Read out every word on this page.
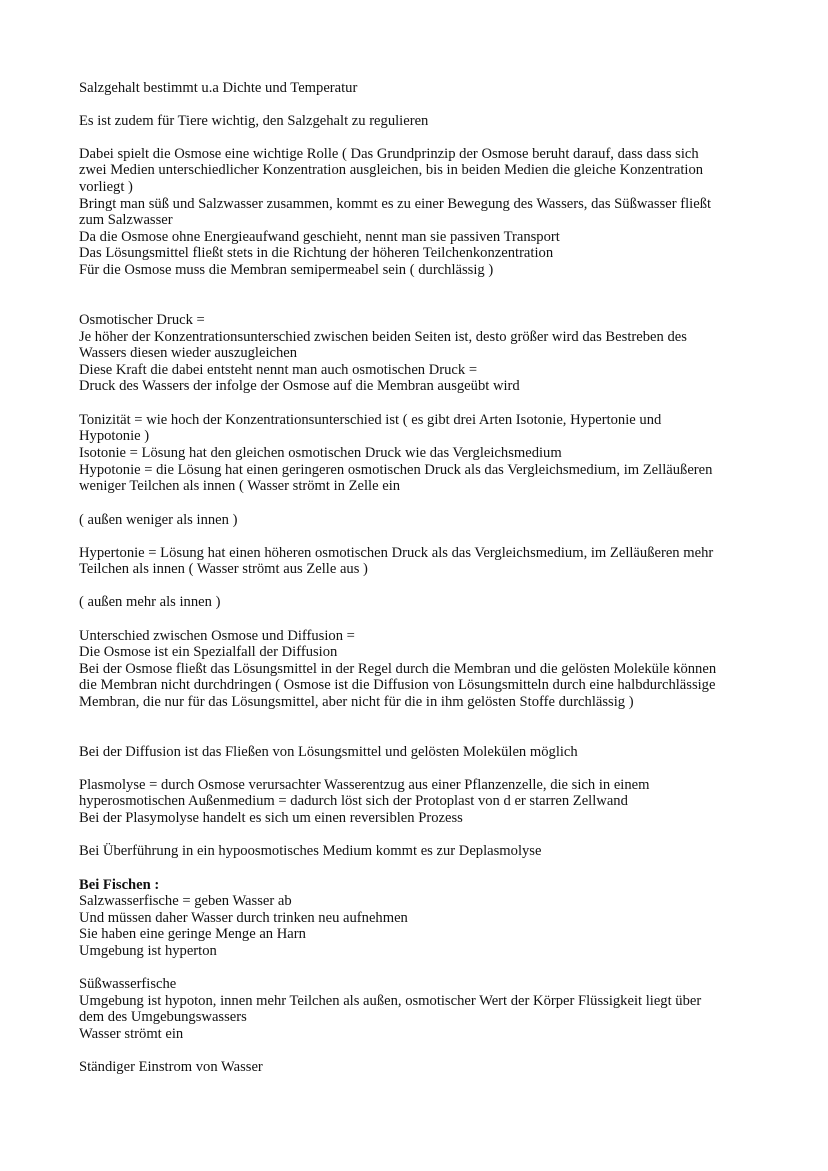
Salzgehalt bestimmt u.a Dichte und Temperatur
Es ist zudem für Tiere wichtig, den Salzgehalt zu regulieren
Dabei spielt die Osmose eine wichtige Rolle ( Das Grundprinzip der Osmose beruht darauf, dass dass sich
zwei Medien unterschiedlicher Konzentration ausgleichen, bis in beiden Medien die gleiche Konzentration
vorliegt )
Bringt man süß und Salzwasser zusammen, kommt es zu einer Bewegung des Wassers, das Süßwasser fließt
zum Salzwasser
Da die Osmose ohne Energieaufwand geschieht, nennt man sie passiven Transport
Das Lösungsmittel fließt stets in die Richtung der höheren Teilchenkonzentration
Für die Osmose muss die Membran semipermeabel sein ( durchlässig )
Osmotischer Druck =
Je höher der Konzentrationsunterschied zwischen beiden Seiten ist, desto größer wird das Bestreben des
Wassers diesen wieder auszugleichen
Diese Kraft die dabei entsteht nennt man auch osmotischen Druck =
Druck des Wassers der infolge der Osmose auf die Membran ausgeübt wird
Tonizität = wie hoch der Konzentrationsunterschied ist ( es gibt drei Arten Isotonie, Hypertonie und
Hypotonie )
Isotonie = Lösung hat den gleichen osmotischen Druck wie das Vergleichsmedium
Hypotonie = die Lösung hat einen geringeren osmotischen Druck als das Vergleichsmedium, im Zelläußeren
weniger Teilchen als innen ( Wasser strömt in Zelle ein
( außen weniger als innen )
Hypertonie = Lösung hat einen höheren osmotischen Druck als das Vergleichsmedium, im Zelläußeren mehr
Teilchen als innen ( Wasser strömt aus Zelle aus )
( außen mehr als innen )
Unterschied zwischen Osmose und Diffusion =
Die Osmose ist ein Spezialfall der Diffusion
Bei der Osmose fließt das Lösungsmittel in der Regel durch die Membran und die gelösten Moleküle können
die Membran nicht durchdringen ( Osmose ist die Diffusion von Lösungsmitteln durch eine halbdurchlässige
Membran, die nur für das Lösungsmittel, aber nicht für die in ihm gelösten Stoffe durchlässig )
Bei der Diffusion ist das Fließen von Lösungsmittel und gelösten Molekülen möglich
Plasmolyse = durch Osmose verursachter Wasserentzug aus einer Pflanzenzelle, die sich in einem
hyperosmotischen Außenmedium = dadurch löst sich der Protoplast von d er starren Zellwand
Bei der Plasymolyse handelt es sich um einen reversiblen Prozess
Bei Überführung in ein hypoosmotisches Medium kommt es zur Deplasmolyse
Bei Fischen :
Salzwasserfische = geben Wasser ab
Und müssen daher Wasser durch trinken neu aufnehmen
Sie haben eine geringe Menge an Harn
Umgebung ist hyperton
Süßwasserfische
Umgebung ist hypoton, innen mehr Teilchen als außen, osmotischer Wert der Körper Flüssigkeit liegt über
dem des Umgebungswassers
Wasser strömt ein
Ständiger Einstrom von Wasser
